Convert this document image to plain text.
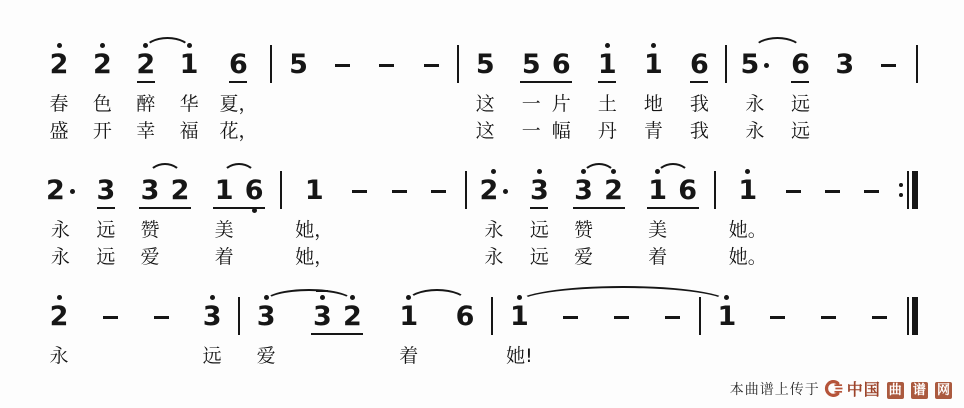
本曲谱上传于 中国 曲 谱 网
2
春
盛
2
色
开
2
醉
幸
1
华
福
6
夏，
花，
5	5
这
这
5
一
一
6
片
幅
1
土
丹
1
地
青
6
我
我
5
永
永
6
远
远
3
2
永
永
3
远
远
3
赞
爱
2 1
美
着
6 1
她，
她，
2
永
永
3
远
远
3
赞
爱
2 1
美
着
6 1
她。
她。
2
永
3
远
3
爱
3 2 1
着
6 1
她!
1
